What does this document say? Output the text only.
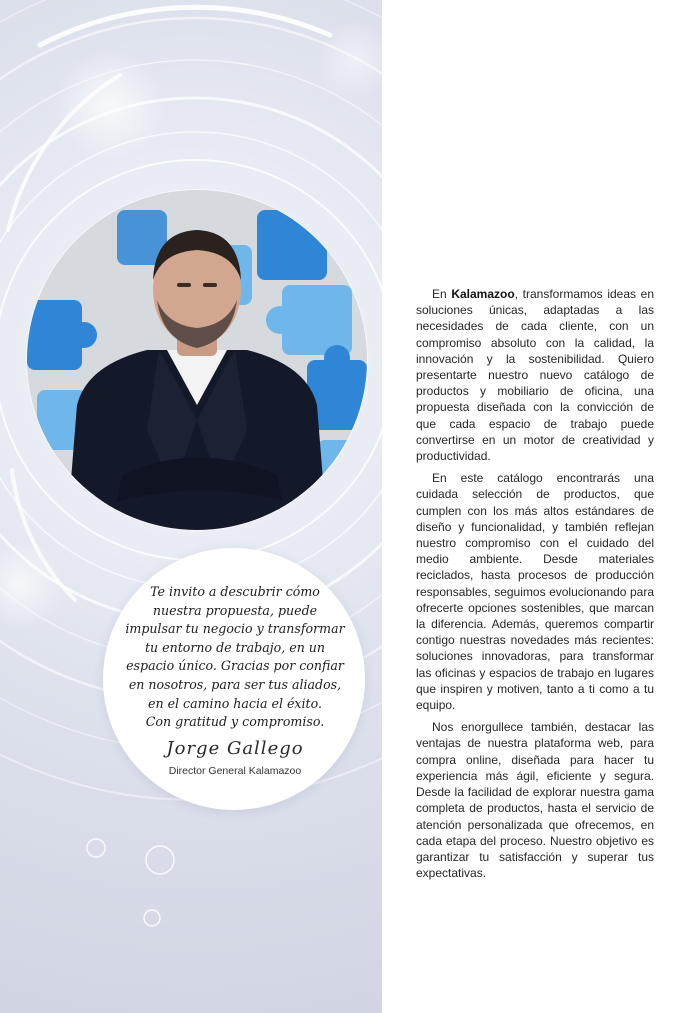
Te invito a descubrir cómo
nuestra propuesta, puede
impulsar tu negocio y transformar
tu entorno de trabajo, en un
espacio único. Gracias por confiar
en nosotros, para ser tus aliados,
en el camino hacia el éxito.
Con gratitud y compromiso.

Jorge Gallego
Director General Kalamazoo

En Kalamazoo, transformamos ideas en soluciones únicas, adaptadas a las necesidades de cada cliente, con un compromiso absoluto con la calidad, la innovación y la sostenibilidad. Quiero presentarte nuestro nuevo catálogo de productos y mobiliario de oficina, una propuesta diseñada con la convicción de que cada espacio de trabajo puede convertirse en un motor de creatividad y productividad.

En este catálogo encontrarás una cuidada selección de productos, que cumplen con los más altos estándares de diseño y funcionalidad, y también reflejan nuestro compromiso con el cuidado del medio ambiente. Desde materiales reciclados, hasta procesos de producción responsables, seguimos evolucionando para ofrecerte opciones sostenibles, que marcan la diferencia. Además, queremos compartir contigo nuestras novedades más recientes: soluciones innovadoras, para transformar las oficinas y espacios de trabajo en lugares que inspiren y motiven, tanto a ti como a tu equipo.

Nos enorgullece también, destacar las ventajas de nuestra plataforma web, para compra online, diseñada para hacer tu experiencia más ágil, eficiente y segura. Desde la facilidad de explorar nuestra gama completa de productos, hasta el servicio de atención personalizada que ofrecemos, en cada etapa del proceso. Nuestro objetivo es garantizar tu satisfacción y superar tus expectativas.
